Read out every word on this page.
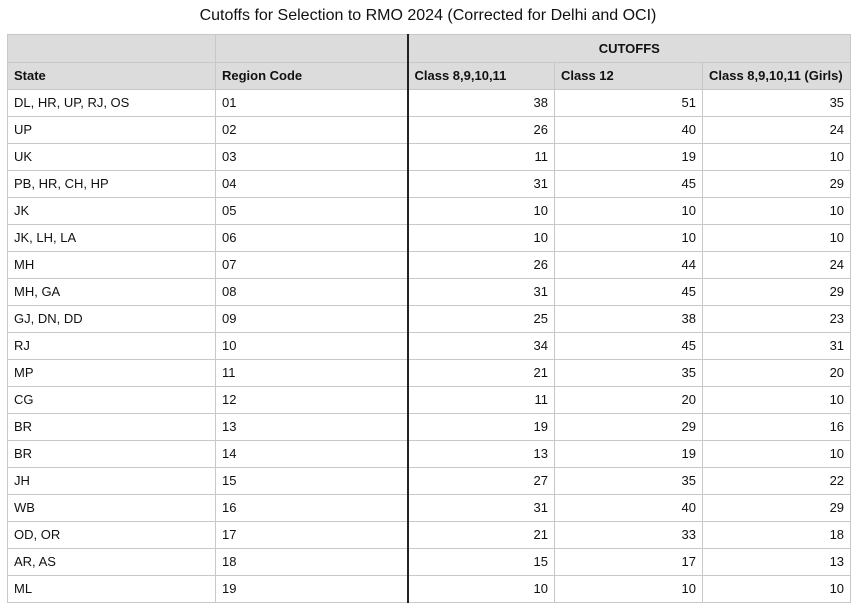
Cutoffs for Selection to RMO 2024 (Corrected for Delhi and OCI)
		CUTOFFS		
State	Region Code	Class 8,9,10,11	Class 12	Class 8,9,10,11 (Girls)
DL, HR, UP, RJ, OS	01	38	51	35
UP	02	26	40	24
UK	03	11	19	10
PB, HR, CH, HP	04	31	45	29
JK	05	10	10	10
JK, LH, LA	06	10	10	10
MH	07	26	44	24
MH, GA	08	31	45	29
GJ, DN, DD	09	25	38	23
RJ	10	34	45	31
MP	11	21	35	20
CG	12	11	20	10
BR	13	19	29	16
BR	14	13	19	10
JH	15	27	35	22
WB	16	31	40	29
OD, OR	17	21	33	18
AR, AS	18	15	17	13
ML	19	10	10	10
